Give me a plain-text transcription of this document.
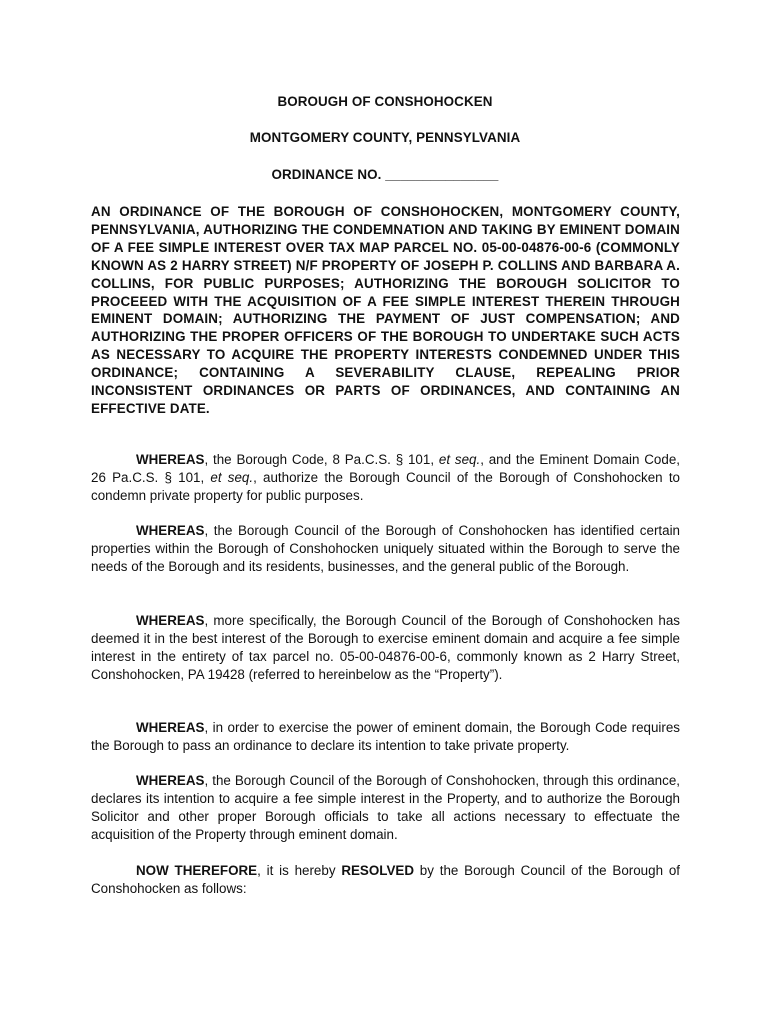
BOROUGH OF CONSHOHOCKEN
MONTGOMERY COUNTY, PENNSYLVANIA
ORDINANCE NO. _______________
AN ORDINANCE OF THE BOROUGH OF CONSHOHOCKEN, MONTGOMERY COUNTY, PENNSYLVANIA, AUTHORIZING THE CONDEMNATION AND TAKING BY EMINENT DOMAIN OF A FEE SIMPLE INTEREST OVER TAX MAP PARCEL NO. 05-00-04876-00-6 (COMMONLY KNOWN AS 2 HARRY STREET) N/F PROPERTY OF JOSEPH P. COLLINS AND BARBARA A. COLLINS, FOR PUBLIC PURPOSES; AUTHORIZING THE BOROUGH SOLICITOR TO PROCEEED WITH THE ACQUISITION OF A FEE SIMPLE INTEREST THEREIN THROUGH EMINENT DOMAIN; AUTHORIZING THE PAYMENT OF JUST COMPENSATION; AND AUTHORIZING THE PROPER OFFICERS OF THE BOROUGH TO UNDERTAKE SUCH ACTS AS NECESSARY TO ACQUIRE THE PROPERTY INTERESTS CONDEMNED UNDER THIS ORDINANCE; CONTAINING A SEVERABILITY CLAUSE, REPEALING PRIOR INCONSISTENT ORDINANCES OR PARTS OF ORDINANCES, AND CONTAINING AN EFFECTIVE DATE.
WHEREAS, the Borough Code, 8 Pa.C.S. § 101, et seq., and the Eminent Domain Code, 26 Pa.C.S. § 101, et seq., authorize the Borough Council of the Borough of Conshohocken to condemn private property for public purposes.
WHEREAS, the Borough Council of the Borough of Conshohocken has identified certain properties within the Borough of Conshohocken uniquely situated within the Borough to serve the needs of the Borough and its residents, businesses, and the general public of the Borough.
WHEREAS, more specifically, the Borough Council of the Borough of Conshohocken has deemed it in the best interest of the Borough to exercise eminent domain and acquire a fee simple interest in the entirety of tax parcel no. 05-00-04876-00-6, commonly known as 2 Harry Street, Conshohocken, PA 19428 (referred to hereinbelow as the “Property”).
WHEREAS, in order to exercise the power of eminent domain, the Borough Code requires the Borough to pass an ordinance to declare its intention to take private property.
WHEREAS, the Borough Council of the Borough of Conshohocken, through this ordinance, declares its intention to acquire a fee simple interest in the Property, and to authorize the Borough Solicitor and other proper Borough officials to take all actions necessary to effectuate the acquisition of the Property through eminent domain.
NOW THEREFORE, it is hereby RESOLVED by the Borough Council of the Borough of Conshohocken as follows:
